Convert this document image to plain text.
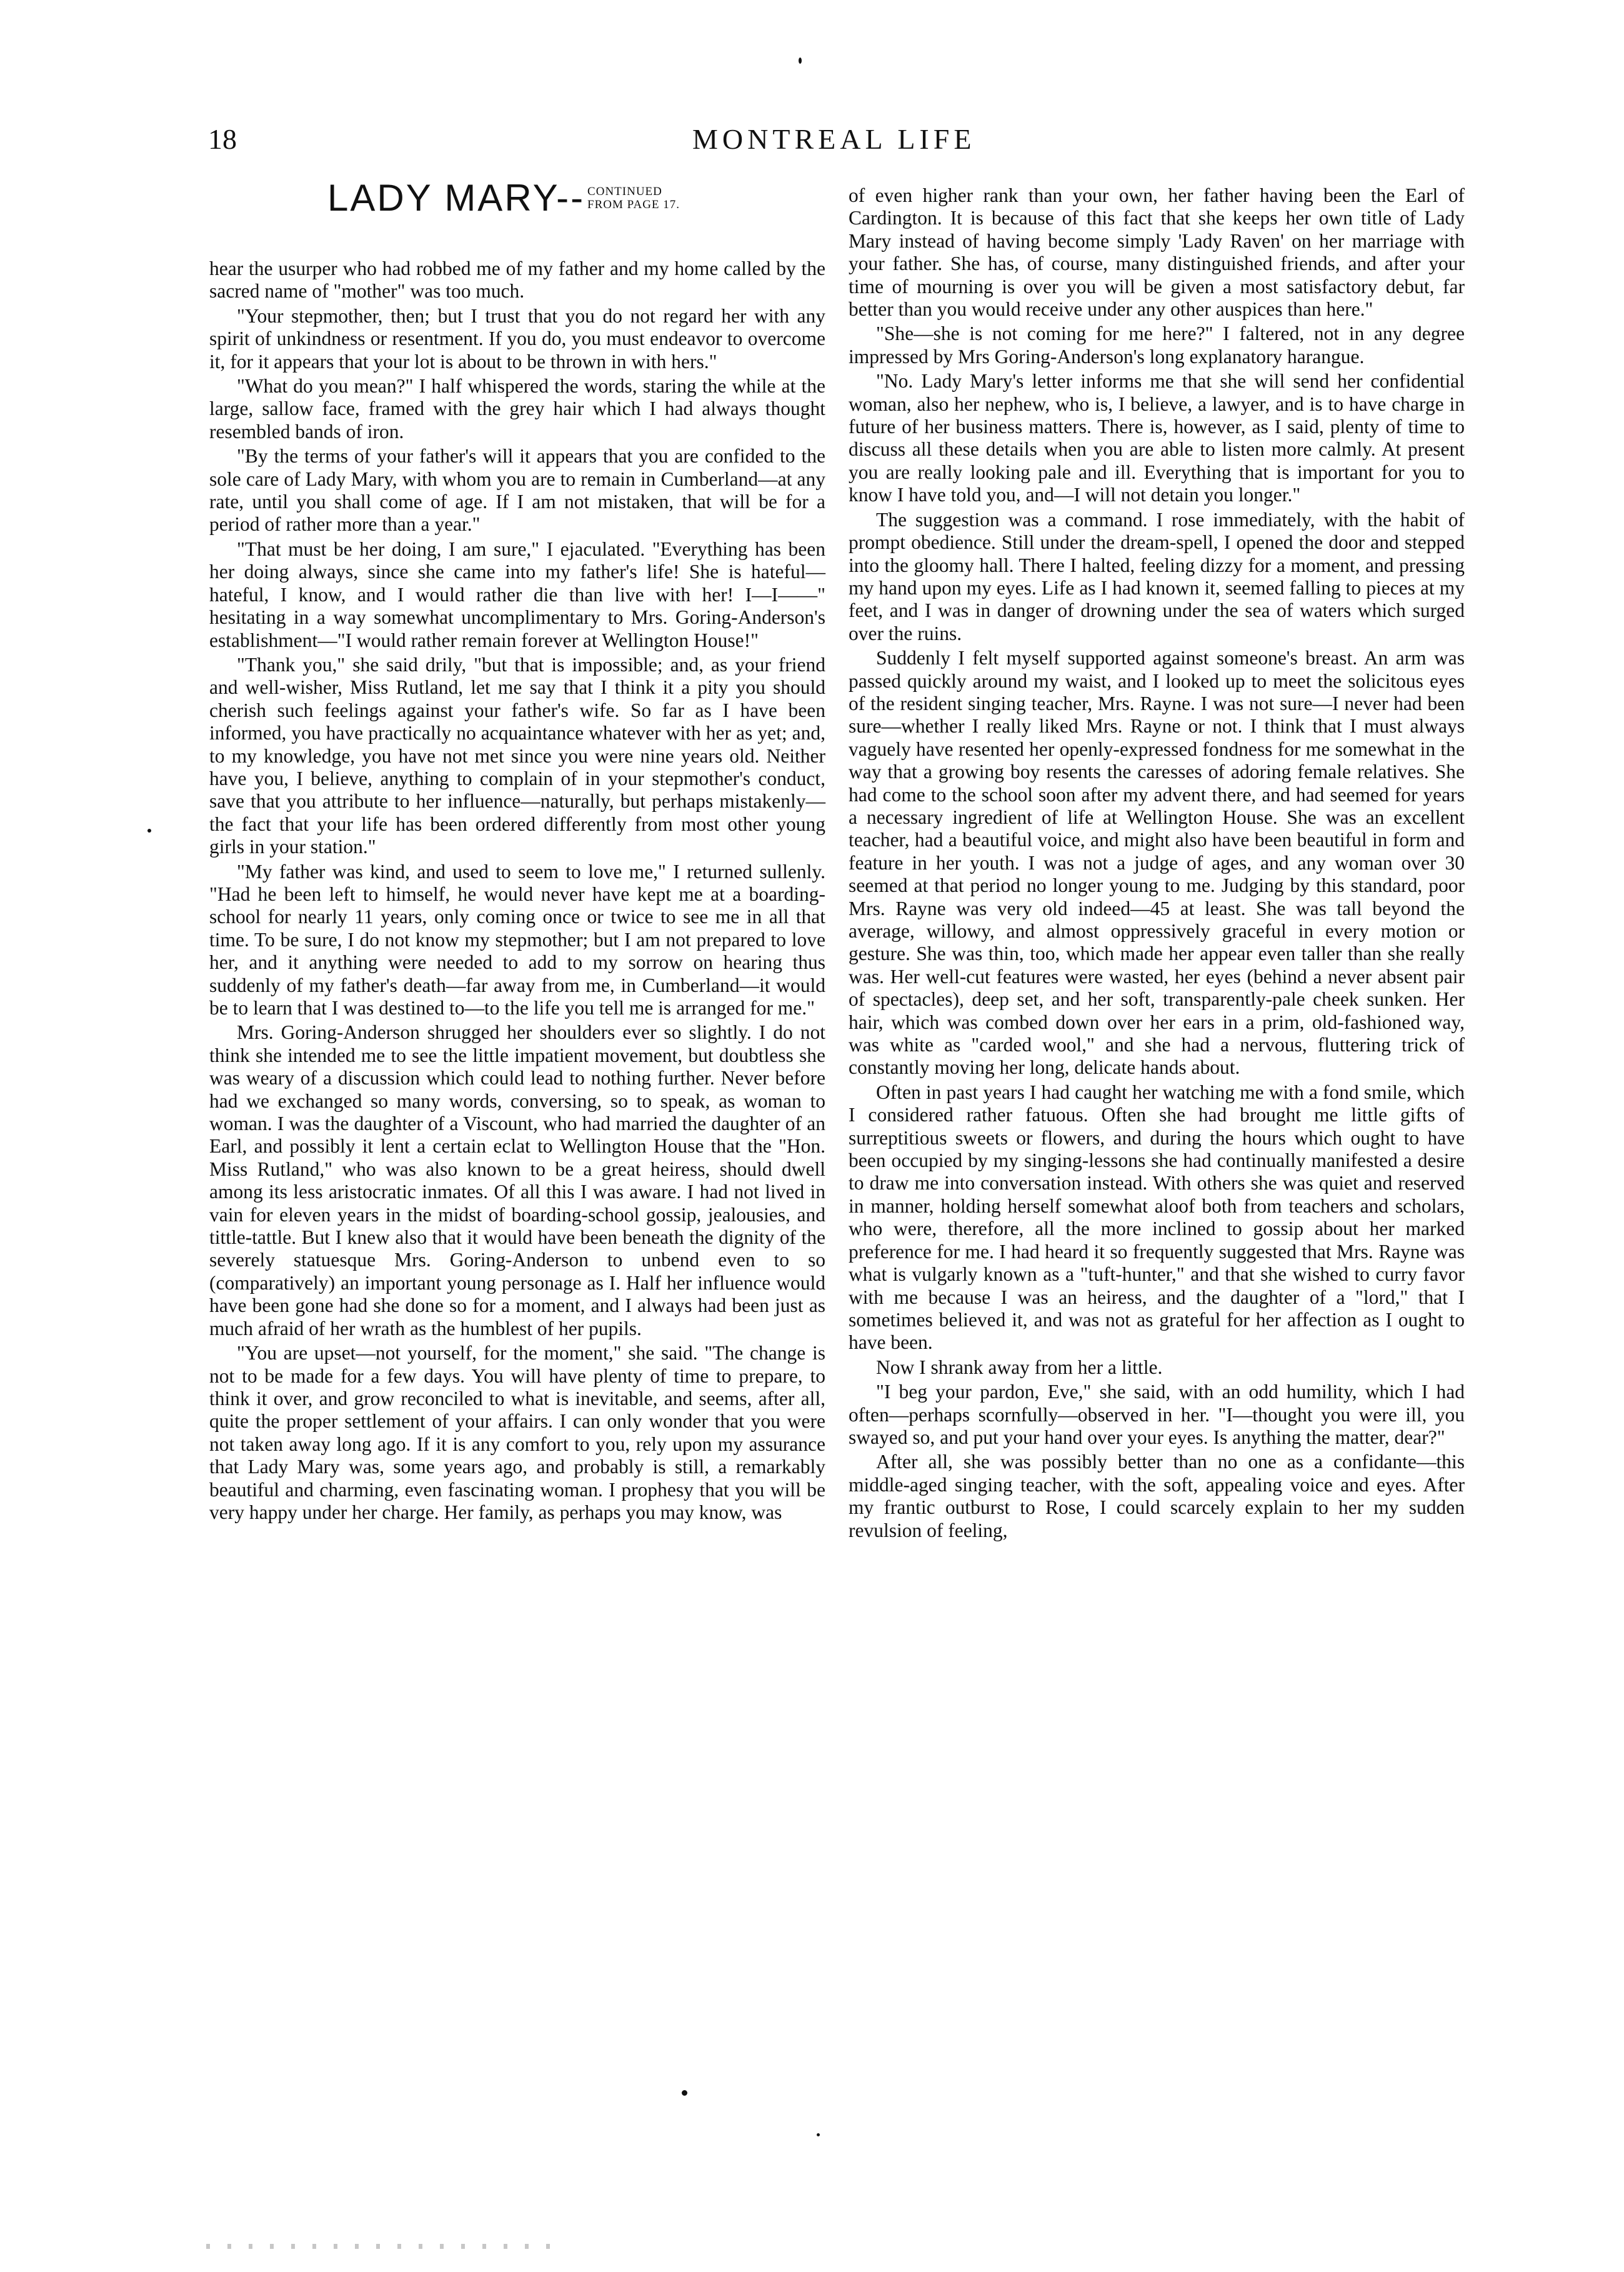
18	MONTREAL LIFE
LADY MARY-- CONTINUED
FROM PAGE 17.

hear the usurper who had robbed me of my father and my home called by the sacred name of "mother" was too much.

"Your stepmother, then; but I trust that you do not regard her with any spirit of unkindness or resentment. If you do, you must endeavor to overcome it, for it appears that your lot is about to be thrown in with hers."

"What do you mean?" I half whispered the words, staring the while at the large, sallow face, framed with the grey hair which I had always thought resembled bands of iron.

"By the terms of your father's will it appears that you are confided to the sole care of Lady Mary, with whom you are to remain in Cumberland—at any rate, until you shall come of age. If I am not mistaken, that will be for a period of rather more than a year."

"That must be her doing, I am sure," I ejaculated. "Everything has been her doing always, since she came into my father's life! She is hateful—hateful, I know, and I would rather die than live with her! I—I——" hesitating in a way somewhat uncomplimentary to Mrs. Goring-Anderson's establishment—"I would rather remain forever at Wellington House!"

"Thank you," she said drily, "but that is impossible; and, as your friend and well-wisher, Miss Rutland, let me say that I think it a pity you should cherish such feelings against your father's wife. So far as I have been informed, you have practically no acquaintance whatever with her as yet; and, to my knowledge, you have not met since you were nine years old. Neither have you, I believe, anything to complain of in your stepmother's conduct, save that you attribute to her influence—naturally, but perhaps mistakenly—the fact that your life has been ordered differently from most other young girls in your station."

"My father was kind, and used to seem to love me," I returned sullenly. "Had he been left to himself, he would never have kept me at a boarding-school for nearly 11 years, only coming once or twice to see me in all that time. To be sure, I do not know my stepmother; but I am not prepared to love her, and it anything were needed to add to my sorrow on hearing thus suddenly of my father's death—far away from me, in Cumberland—it would be to learn that I was destined to—to the life you tell me is arranged for me."

Mrs. Goring-Anderson shrugged her shoulders ever so slightly. I do not think she intended me to see the little impatient movement, but doubtless she was weary of a discussion which could lead to nothing further. Never before had we exchanged so many words, conversing, so to speak, as woman to woman. I was the daughter of a Viscount, who had married the daughter of an Earl, and possibly it lent a certain eclat to Wellington House that the "Hon. Miss Rutland," who was also known to be a great heiress, should dwell among its less aristocratic inmates. Of all this I was aware. I had not lived in vain for eleven years in the midst of boarding-school gossip, jealousies, and tittle-tattle. But I knew also that it would have been beneath the dignity of the severely statuesque Mrs. Goring-Anderson to unbend even to so (comparatively) an important young personage as I. Half her influence would have been gone had she done so for a moment, and I always had been just as much afraid of her wrath as the humblest of her pupils.

"You are upset—not yourself, for the moment," she said. "The change is not to be made for a few days. You will have plenty of time to prepare, to think it over, and grow reconciled to what is inevitable, and seems, after all, quite the proper settlement of your affairs. I can only wonder that you were not taken away long ago. If it is any comfort to you, rely upon my assurance that Lady Mary was, some years ago, and probably is still, a remarkably beautiful and charming, even fascinating woman. I prophesy that you will be very happy under her charge. Her family, as perhaps you may know, was

of even higher rank than your own, her father having been the Earl of Cardington. It is because of this fact that she keeps her own title of Lady Mary instead of having become simply 'Lady Raven' on her marriage with your father. She has, of course, many distinguished friends, and after your time of mourning is over you will be given a most satisfactory debut, far better than you would receive under any other auspices than here."

"She—she is not coming for me here?" I faltered, not in any degree impressed by Mrs Goring-Anderson's long explanatory harangue.

"No. Lady Mary's letter informs me that she will send her confidential woman, also her nephew, who is, I believe, a lawyer, and is to have charge in future of her business matters. There is, however, as I said, plenty of time to discuss all these details when you are able to listen more calmly. At present you are really looking pale and ill. Everything that is important for you to know I have told you, and—I will not detain you longer."

The suggestion was a command. I rose immediately, with the habit of prompt obedience. Still under the dream-spell, I opened the door and stepped into the gloomy hall. There I halted, feeling dizzy for a moment, and pressing my hand upon my eyes. Life as I had known it, seemed falling to pieces at my feet, and I was in danger of drowning under the sea of waters which surged over the ruins.

Suddenly I felt myself supported against someone's breast. An arm was passed quickly around my waist, and I looked up to meet the solicitous eyes of the resident singing teacher, Mrs. Rayne. I was not sure—I never had been sure—whether I really liked Mrs. Rayne or not. I think that I must always vaguely have resented her openly-expressed fondness for me somewhat in the way that a growing boy resents the caresses of adoring female relatives. She had come to the school soon after my advent there, and had seemed for years a necessary ingredient of life at Wellington House. She was an excellent teacher, had a beautiful voice, and might also have been beautiful in form and feature in her youth. I was not a judge of ages, and any woman over 30 seemed at that period no longer young to me. Judging by this standard, poor Mrs. Rayne was very old indeed—45 at least. She was tall beyond the average, willowy, and almost oppressively graceful in every motion or gesture. She was thin, too, which made her appear even taller than she really was. Her well-cut features were wasted, her eyes (behind a never absent pair of spectacles), deep set, and her soft, transparently-pale cheek sunken. Her hair, which was combed down over her ears in a prim, old-fashioned way, was white as "carded wool," and she had a nervous, fluttering trick of constantly moving her long, delicate hands about.

Often in past years I had caught her watching me with a fond smile, which I considered rather fatuous. Often she had brought me little gifts of surreptitious sweets or flowers, and during the hours which ought to have been occupied by my singing-lessons she had continually manifested a desire to draw me into conversation instead. With others she was quiet and reserved in manner, holding herself somewhat aloof both from teachers and scholars, who were, therefore, all the more inclined to gossip about her marked preference for me. I had heard it so frequently suggested that Mrs. Rayne was what is vulgarly known as a "tuft-hunter," and that she wished to curry favor with me because I was an heiress, and the daughter of a "lord," that I sometimes believed it, and was not as grateful for her affection as I ought to have been.

Now I shrank away from her a little.

"I beg your pardon, Eve," she said, with an odd humility, which I had often—perhaps scornfully—observed in her. "I—thought you were ill, you swayed so, and put your hand over your eyes. Is anything the matter, dear?"

After all, she was possibly better than no one as a confidante—this middle-aged singing teacher, with the soft, appealing voice and eyes. After my frantic outburst to Rose, I could scarcely explain to her my sudden revulsion of feeling,
